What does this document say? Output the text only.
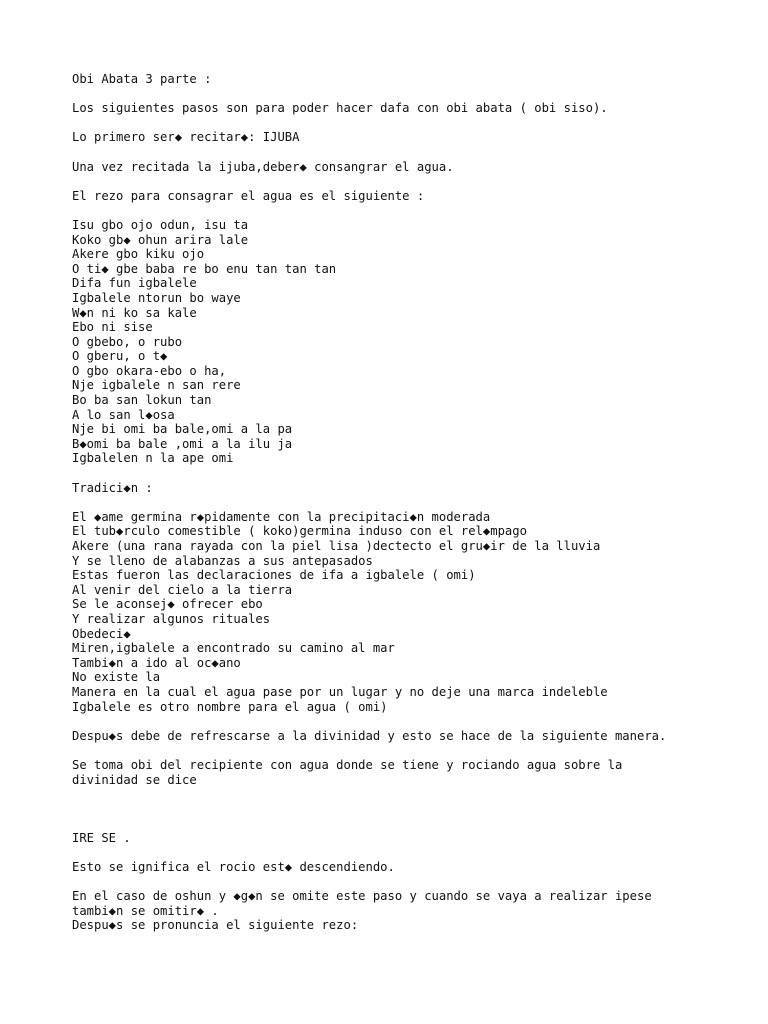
Obi Abata 3 parte :
Los siguientes pasos son para poder hacer dafa con obi abata ( obi siso).
Lo primero ser◆ recitar◆: IJUBA
Una vez recitada la ijuba,deber◆ consangrar el agua.
El rezo para consagrar el agua es el siguiente :
Isu gbo ojo odun, isu ta
Koko gb◆ ohun arira lale
Akere gbo kiku ojo
O ti◆ gbe baba re bo enu tan tan tan
Difa fun igbalele
Igbalele ntorun bo waye
W◆n ni ko sa kale
Ebo ni sise
O gbebo, o rubo
O gberu, o t◆
O gbo okara-ebo o ha,
Nje igbalele n san rere
Bo ba san lokun tan
A lo san l◆osa
Nje bi omi ba bale,omi a la pa
B◆omi ba bale ,omi a la ilu ja
Igbalelen n la ape omi
Tradici◆n :
El ◆ame germina r◆pidamente con la precipitaci◆n moderada
El tub◆rculo comestible ( koko)germina induso con el rel◆mpago
Akere (una rana rayada con la piel lisa )dectecto el gru◆ir de la lluvia
Y se lleno de alabanzas a sus antepasados
Estas fueron las declaraciones de ifa a igbalele ( omi)
Al venir del cielo a la tierra
Se le aconsej◆ ofrecer ebo
Y realizar algunos rituales
Obedeci◆
Miren,igbalele a encontrado su camino al mar
Tambi◆n a ido al oc◆ano
No existe la
Manera en la cual el agua pase por un lugar y no deje una marca indeleble
Igbalele es otro nombre para el agua ( omi)
Despu◆s debe de refrescarse a la divinidad y esto se hace de la siguiente manera.
Se toma obi del recipiente con agua donde se tiene y rociando agua sobre la
divinidad se dice
IRE SE .
Esto se ignifica el rocio est◆ descendiendo.
En el caso de oshun y ◆g◆n se omite este paso y cuando se vaya a realizar ipese
tambi◆n se omitir◆ .
Despu◆s se pronuncia el siguiente rezo:
